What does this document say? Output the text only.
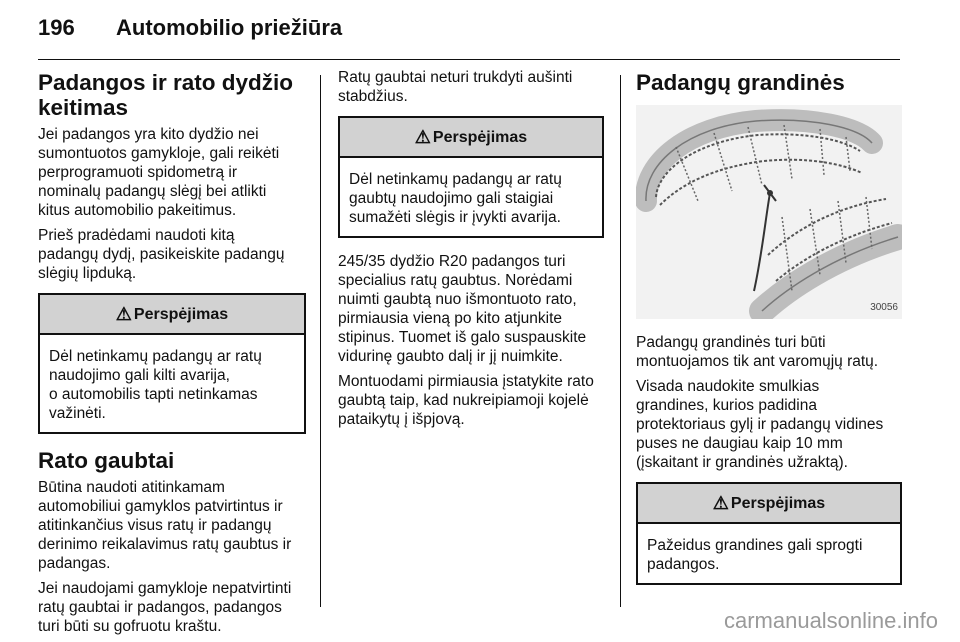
196 Automobilio priežiūra
Padangos ir rato dydžio
keitimas

Jei padangos yra kito dydžio nei
sumontuotos gamykloje, gali reikėti
perprogramuoti spidometrą ir
nominalų padangų slėgį bei atlikti
kitus automobilio pakeitimus.

Prieš pradėdami naudoti kitą
padangų dydį, pasikeiskite padangų
slėgių lipduką.

⚠ Perspėjimas
Dėl netinkamų padangų ar ratų
naudojimo gali kilti avarija,
o automobilis tapti netinkamas
važinėti.
Rato gaubtai

Būtina naudoti atitinkamam
automobiliui gamyklos patvirtintus ir
atitinkančius visus ratų ir padangų
derinimo reikalavimus ratų gaubtus ir
padangas.

Jei naudojami gamykloje nepatvirtinti
ratų gaubtai ir padangos, padangos
turi būti su gofruotu kraštu.

Ratų gaubtai neturi trukdyti aušinti
stabdžius.

⚠ Perspėjimas
Dėl netinkamų padangų ar ratų
gaubtų naudojimo gali staigiai
sumažėti slėgis ir įvykti avarija.

245/35 dydžio R20 padangos turi
specialius ratų gaubtus. Norėdami
nuimti gaubtą nuo išmontuoto rato,
pirmiausia vieną po kito atjunkite
stipinus. Tuomet iš galo suspauskite
vidurinę gaubto dalį ir jį nuimkite.

Montuodami pirmiausia įstatykite rato
gaubtą taip, kad nukreipiamoji kojelė
pataikytų į išpjovą.

Padangų grandinės
30056

Padangų grandinės turi būti
montuojamos tik ant varomųjų ratų.

Visada naudokite smulkias
grandines, kurios padidina
protektoriaus gylį ir padangų vidines
puses ne daugiau kaip 10 mm
(įskaitant ir grandinės užraktą).

⚠ Perspėjimas
Pažeidus grandines gali sprogti
padangos.
carmanualsonline.info
